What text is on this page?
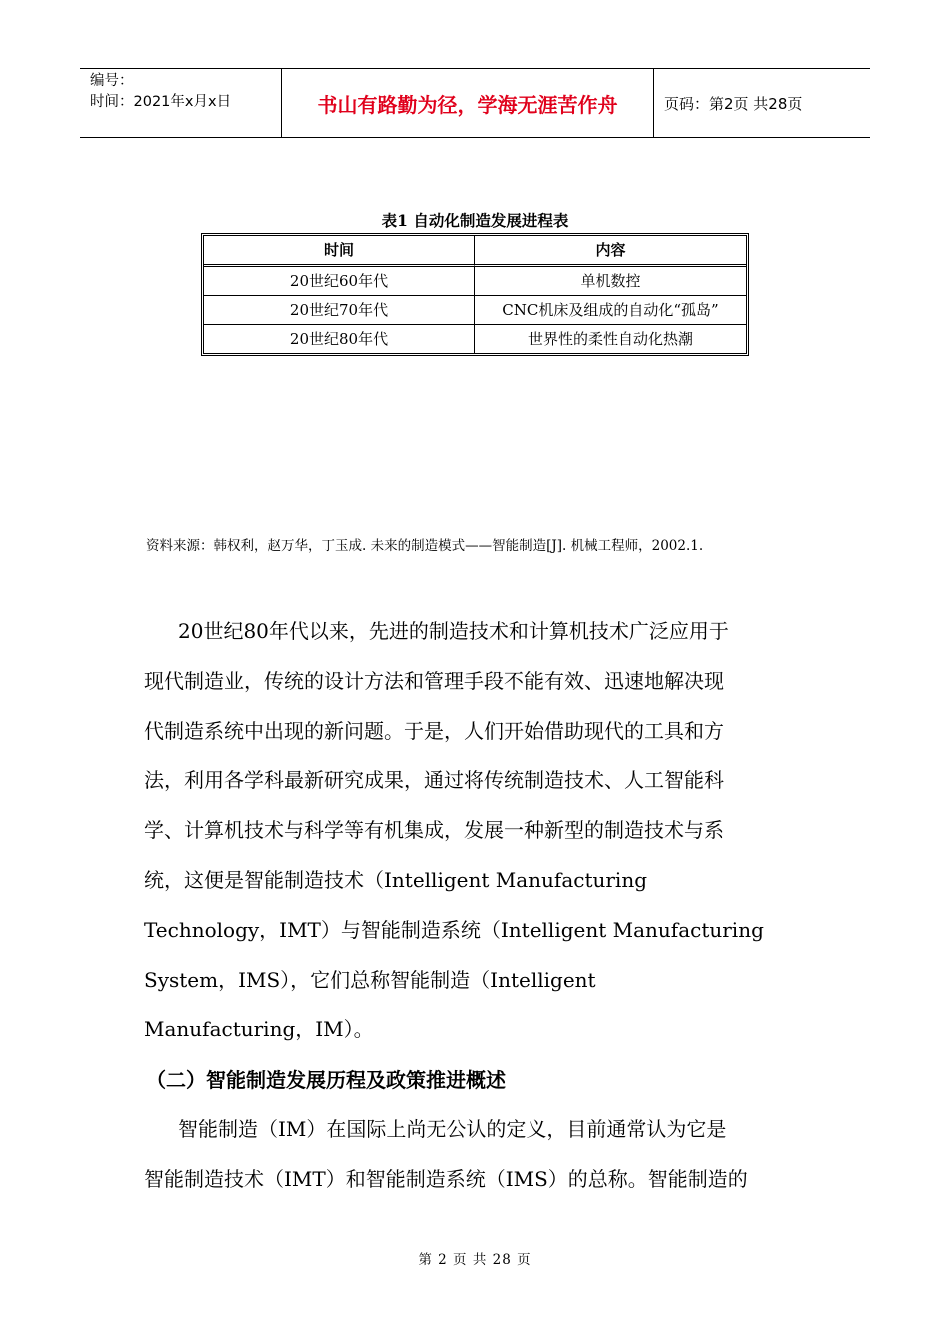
编号：
时间：2021年x月x日	书山有路勤为径，学海无涯苦作舟	页码：第2页 共28页
表1 自动化制造发展进程表
时间	内容
20世纪60年代	单机数控
20世纪70年代	CNC机床及组成的自动化“孤岛”
20世纪80年代	世界性的柔性自动化热潮
资料来源：韩权利，赵万华，丁玉成. 未来的制造模式——智能制造[J]. 机械工程师，2002.1.
20世纪80年代以来，先进的制造技术和计算机技术广泛应用于
现代制造业，传统的设计方法和管理手段不能有效、迅速地解决现
代制造系统中出现的新问题。于是，人们开始借助现代的工具和方
法，利用各学科最新研究成果，通过将传统制造技术、人工智能科
学、计算机技术与科学等有机集成，发展一种新型的制造技术与系
统，这便是智能制造技术（Intelligent Manufacturing
Technology，IMT）与智能制造系统（Intelligent Manufacturing
System，IMS），它们总称智能制造（Intelligent
Manufacturing，IM）。
（二）智能制造发展历程及政策推进概述
智能制造（IM）在国际上尚无公认的定义，目前通常认为它是
智能制造技术（IMT）和智能制造系统（IMS）的总称。智能制造的
第 2 页 共 28 页
